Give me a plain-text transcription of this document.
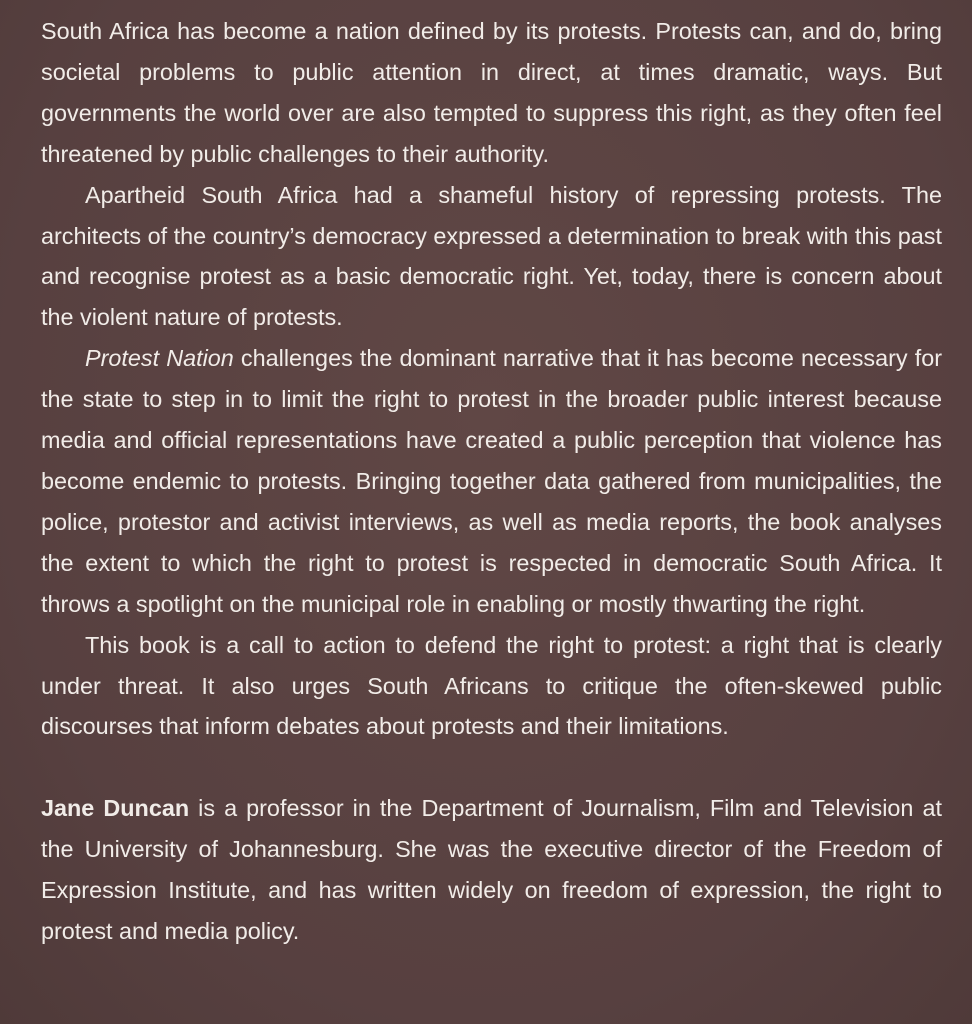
South Africa has become a nation defined by its protests. Protests can, and do, bring societal problems to public attention in direct, at times dramatic, ways. But governments the world over are also tempted to suppress this right, as they often feel threatened by public challenges to their authority.

Apartheid South Africa had a shameful history of repressing protests. The architects of the country’s democracy expressed a determination to break with this past and recognise protest as a basic democratic right. Yet, today, there is concern about the violent nature of protests.

Protest Nation challenges the dominant narrative that it has become necessary for the state to step in to limit the right to protest in the broader public interest because media and official representations have created a public perception that violence has become endemic to protests. Bringing together data gathered from municipalities, the police, protestor and activist interviews, as well as media reports, the book analyses the extent to which the right to protest is respected in democratic South Africa. It throws a spotlight on the municipal role in enabling or mostly thwarting the right.

This book is a call to action to defend the right to protest: a right that is clearly under threat. It also urges South Africans to critique the often-skewed public discourses that inform debates about protests and their limitations.

Jane Duncan is a professor in the Department of Journalism, Film and Television at the University of Johannesburg. She was the executive director of the Freedom of Expression Institute, and has written widely on freedom of expression, the right to protest and media policy.
